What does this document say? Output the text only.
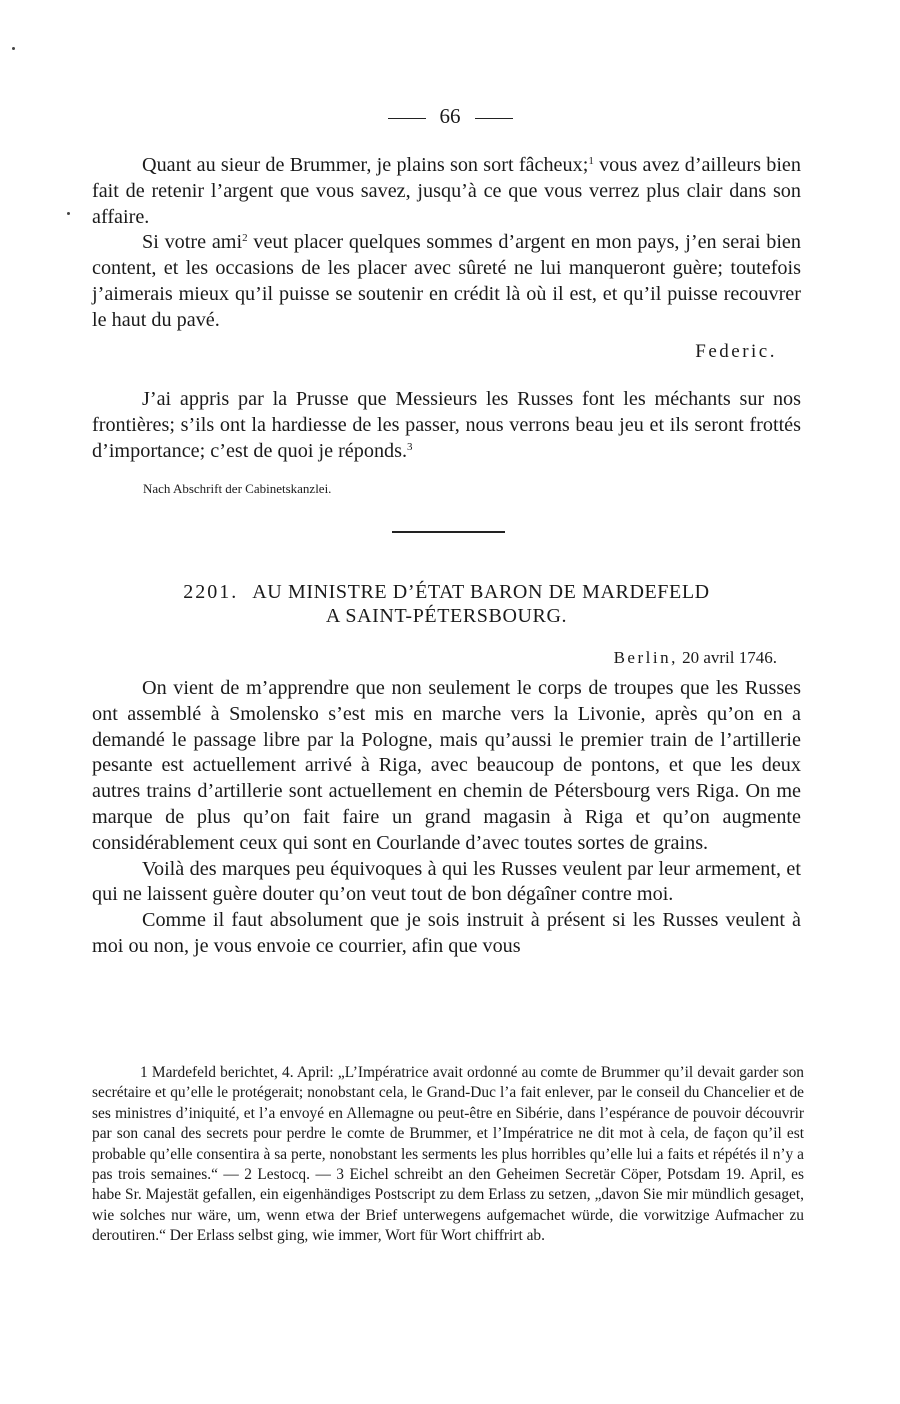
66

Quant au sieur de Brummer, je plains son sort fâcheux;$^1$ vous avez d’ailleurs bien fait de retenir l’argent que vous savez, jusqu’à ce que vous verrez plus clair dans son affaire.

Si votre ami$^2$ veut placer quelques sommes d’argent en mon pays, j’en serai bien content, et les occasions de les placer avec sûreté ne lui manqueront guère; toutefois j’aimerais mieux qu’il puisse se soutenir en crédit là où il est, et qu’il puisse recouvrer le haut du pavé.

Federic.

J’ai appris par la Prusse que Messieurs les Russes font les méchants sur nos frontières; s’ils ont la hardiesse de les passer, nous verrons beau jeu et ils seront frottés d’importance; c’est de quoi je réponds.$^3$

Nach Abschrift der Cabinetskanzlei.
2201. AU MINISTRE D’ÉTAT BARON DE MARDEFELD
A SAINT-PÉTERSBOURG.
Berlin, 20 avril 1746.

On vient de m’apprendre que non seulement le corps de troupes que les Russes ont assemblé à Smolensko s’est mis en marche vers la Livonie, après qu’on en a demandé le passage libre par la Pologne, mais qu’aussi le premier train de l’artillerie pesante est actuellement arrivé à Riga, avec beaucoup de pontons, et que les deux autres trains d’artillerie sont actuellement en chemin de Pétersbourg vers Riga. On me marque de plus qu’on fait faire un grand magasin à Riga et qu’on augmente considérablement ceux qui sont en Courlande d’avec toutes sortes de grains.

Voilà des marques peu équivoques à qui les Russes veulent par leur armement, et qui ne laissent guère douter qu’on veut tout de bon dégaîner contre moi.

Comme il faut absolument que je sois instruit à présent si les Russes veulent à moi ou non, je vous envoie ce courrier, afin que vous

1 Mardefeld berichtet, 4. April: „L’Impératrice avait ordonné au comte de Brummer qu’il devait garder son secrétaire et qu’elle le protégerait; nonobstant cela, le Grand-Duc l’a fait enlever, par le conseil du Chancelier et de ses ministres d’iniquité, et l’a envoyé en Allemagne ou peut-être en Sibérie, dans l’espérance de pouvoir découvrir par son canal des secrets pour perdre le comte de Brummer, et l’Impératrice ne dit mot à cela, de façon qu’il est probable qu’elle consentira à sa perte, nonobstant les serments les plus horribles qu’elle lui a faits et répétés il n’y a pas trois semaines.“ — 2 Lestocq. — 3 Eichel schreibt an den Geheimen Secretär Cöper, Potsdam 19. April, es habe Sr. Majestät gefallen, ein eigenhändiges Postscript zu dem Erlass zu setzen, „davon Sie mir mündlich gesaget, wie solches nur wäre, um, wenn etwa der Brief unterwegens aufgemachet würde, die vorwitzige Aufmacher zu deroutiren.“ Der Erlass selbst ging, wie immer, Wort für Wort chiffrirt ab.
